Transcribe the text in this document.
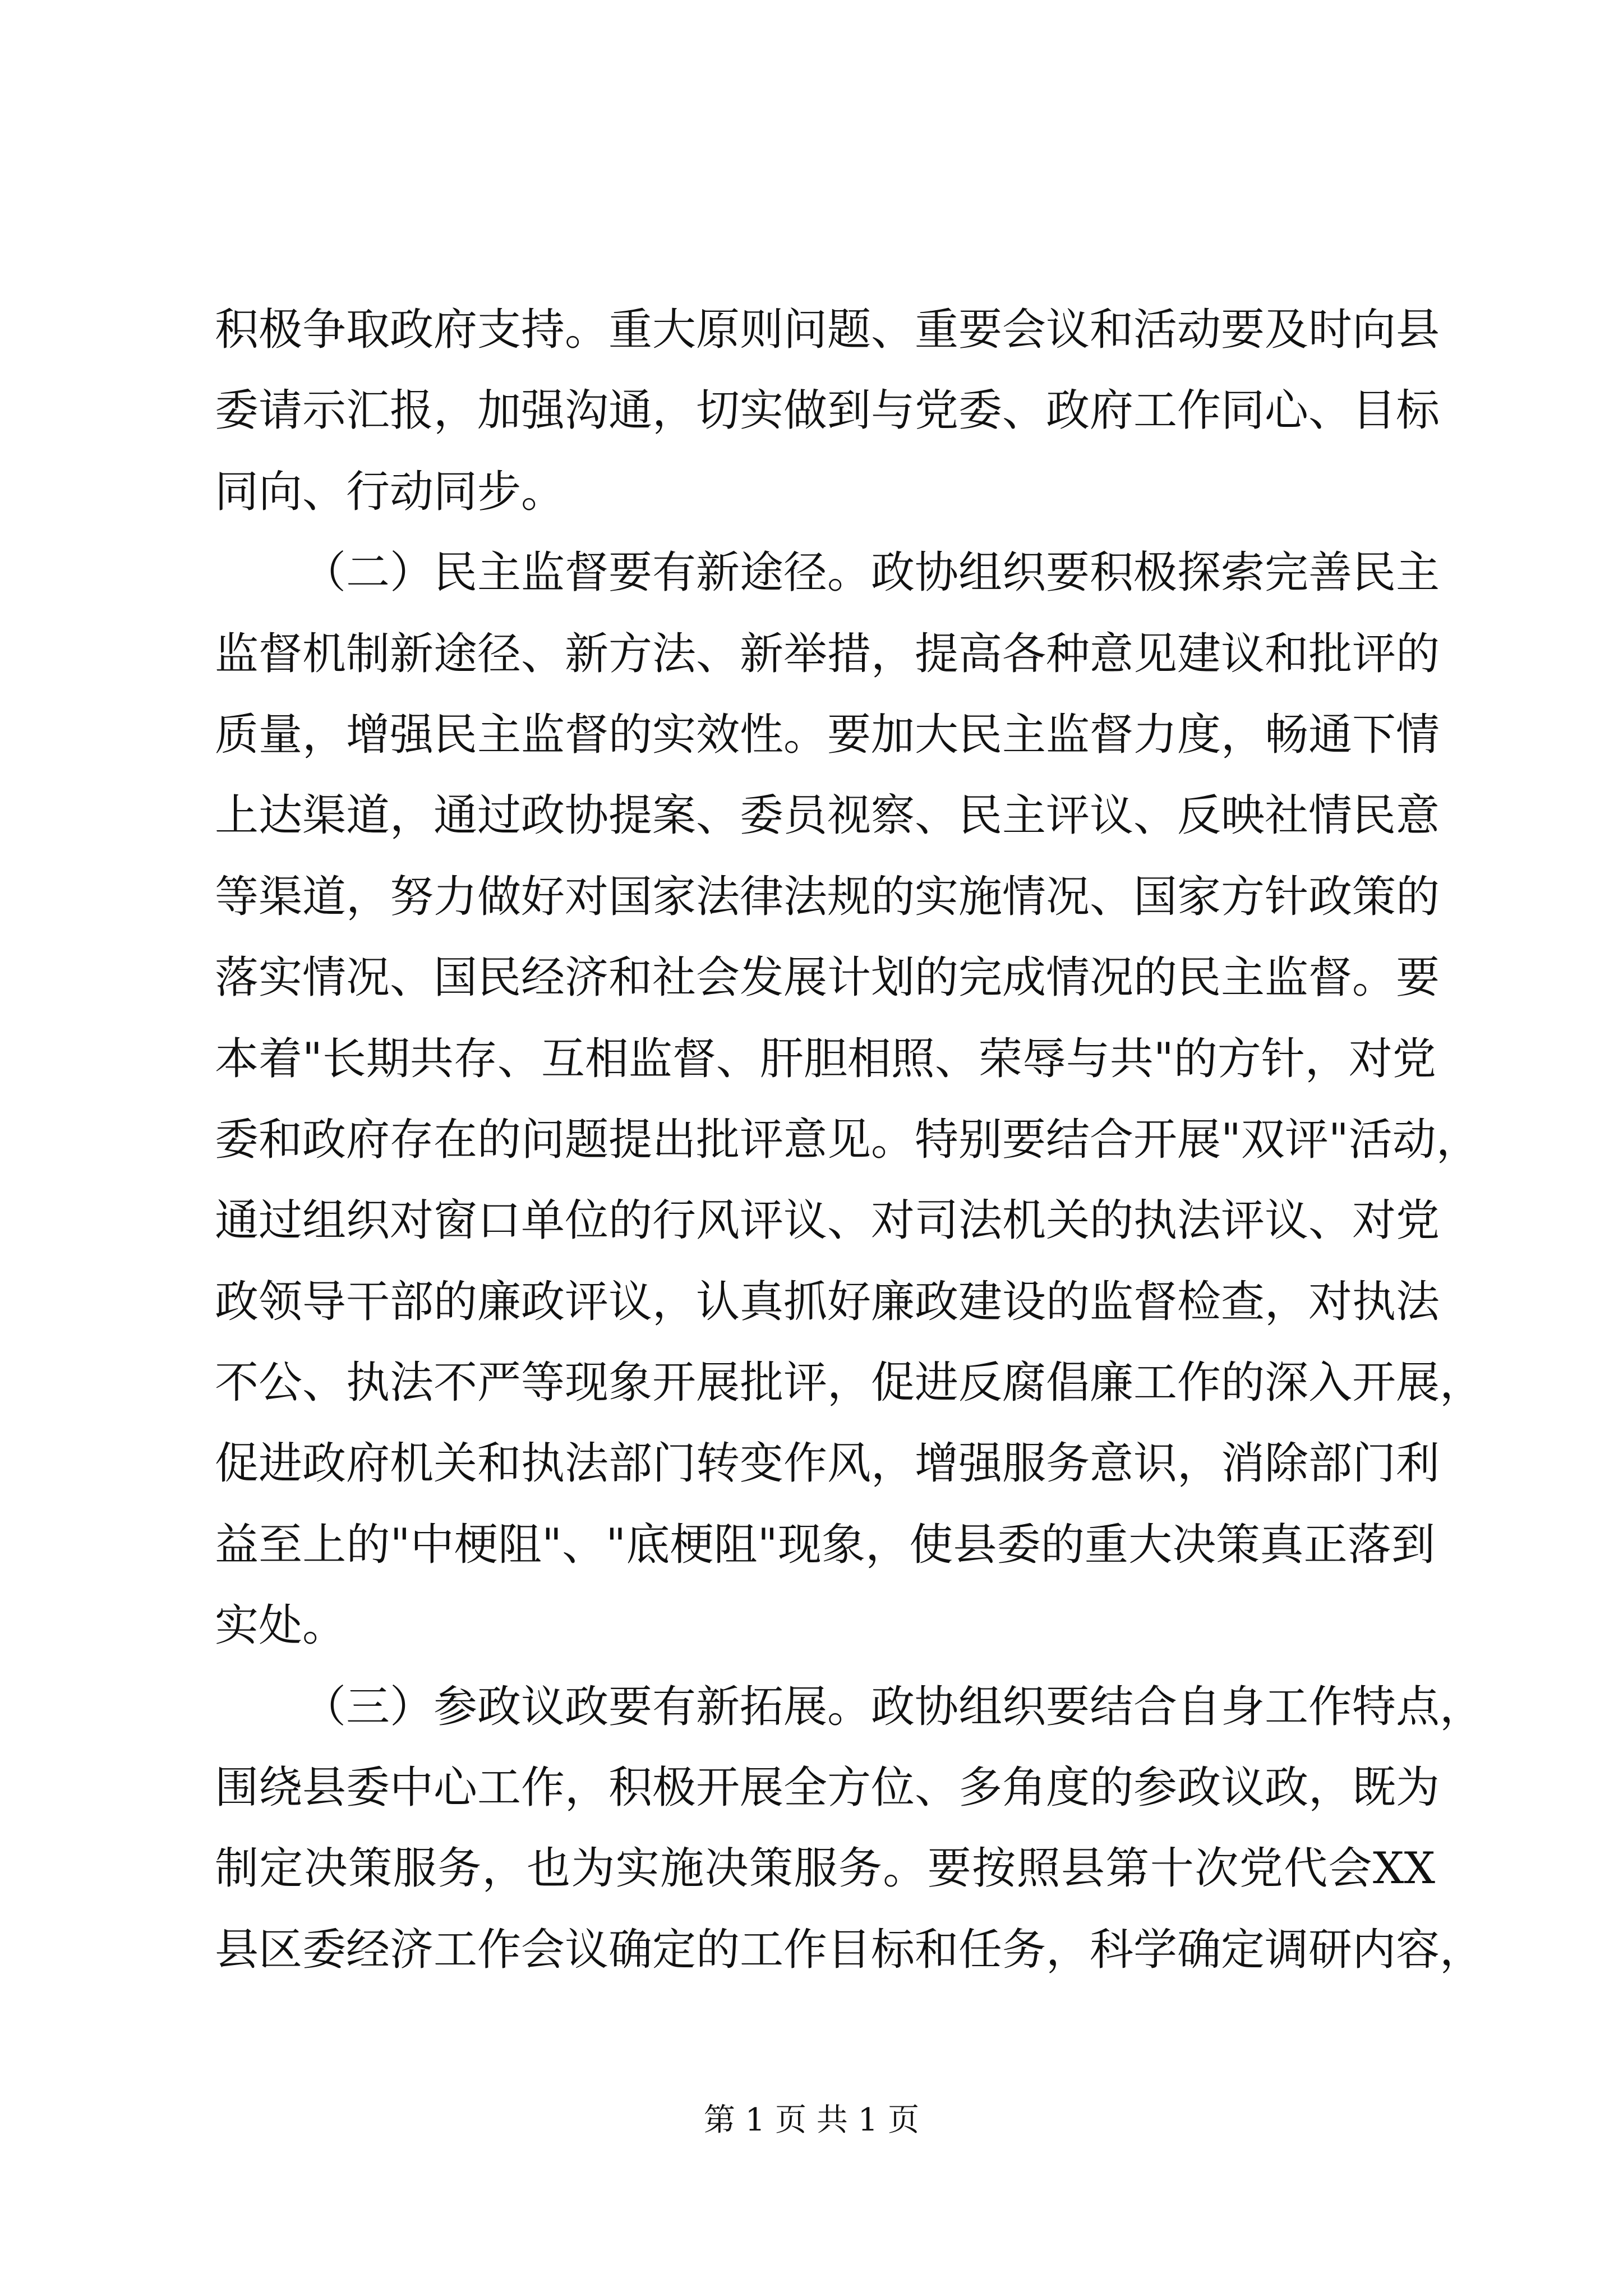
积极争取政府支持。重大原则问题、重要会议和活动要及时向县
委请示汇报，加强沟通，切实做到与党委、政府工作同心、目标
同向、行动同步。
（二）民主监督要有新途径。政协组织要积极探索完善民主
监督机制新途径、新方法、新举措，提高各种意见建议和批评的
质量，增强民主监督的实效性。要加大民主监督力度，畅通下情
上达渠道，通过政协提案、委员视察、民主评议、反映社情民意
等渠道，努力做好对国家法律法规的实施情况、国家方针政策的
落实情况、国民经济和社会发展计划的完成情况的民主监督。要
本着"长期共存、互相监督、肝胆相照、荣辱与共"的方针，对党
委和政府存在的问题提出批评意见。特别要结合开展"双评"活动，
通过组织对窗口单位的行风评议、对司法机关的执法评议、对党
政领导干部的廉政评议，认真抓好廉政建设的监督检查，对执法
不公、执法不严等现象开展批评，促进反腐倡廉工作的深入开展，
促进政府机关和执法部门转变作风，增强服务意识，消除部门利
益至上的"中梗阻"、"底梗阻"现象，使县委的重大决策真正落到
实处。
（三）参政议政要有新拓展。政协组织要结合自身工作特点，
围绕县委中心工作，积极开展全方位、多角度的参政议政，既为
制定决策服务，也为实施决策服务。要按照县第十次党代会XX
县区委经济工作会议确定的工作目标和任务，科学确定调研内容，
第 1 页 共 1 页
